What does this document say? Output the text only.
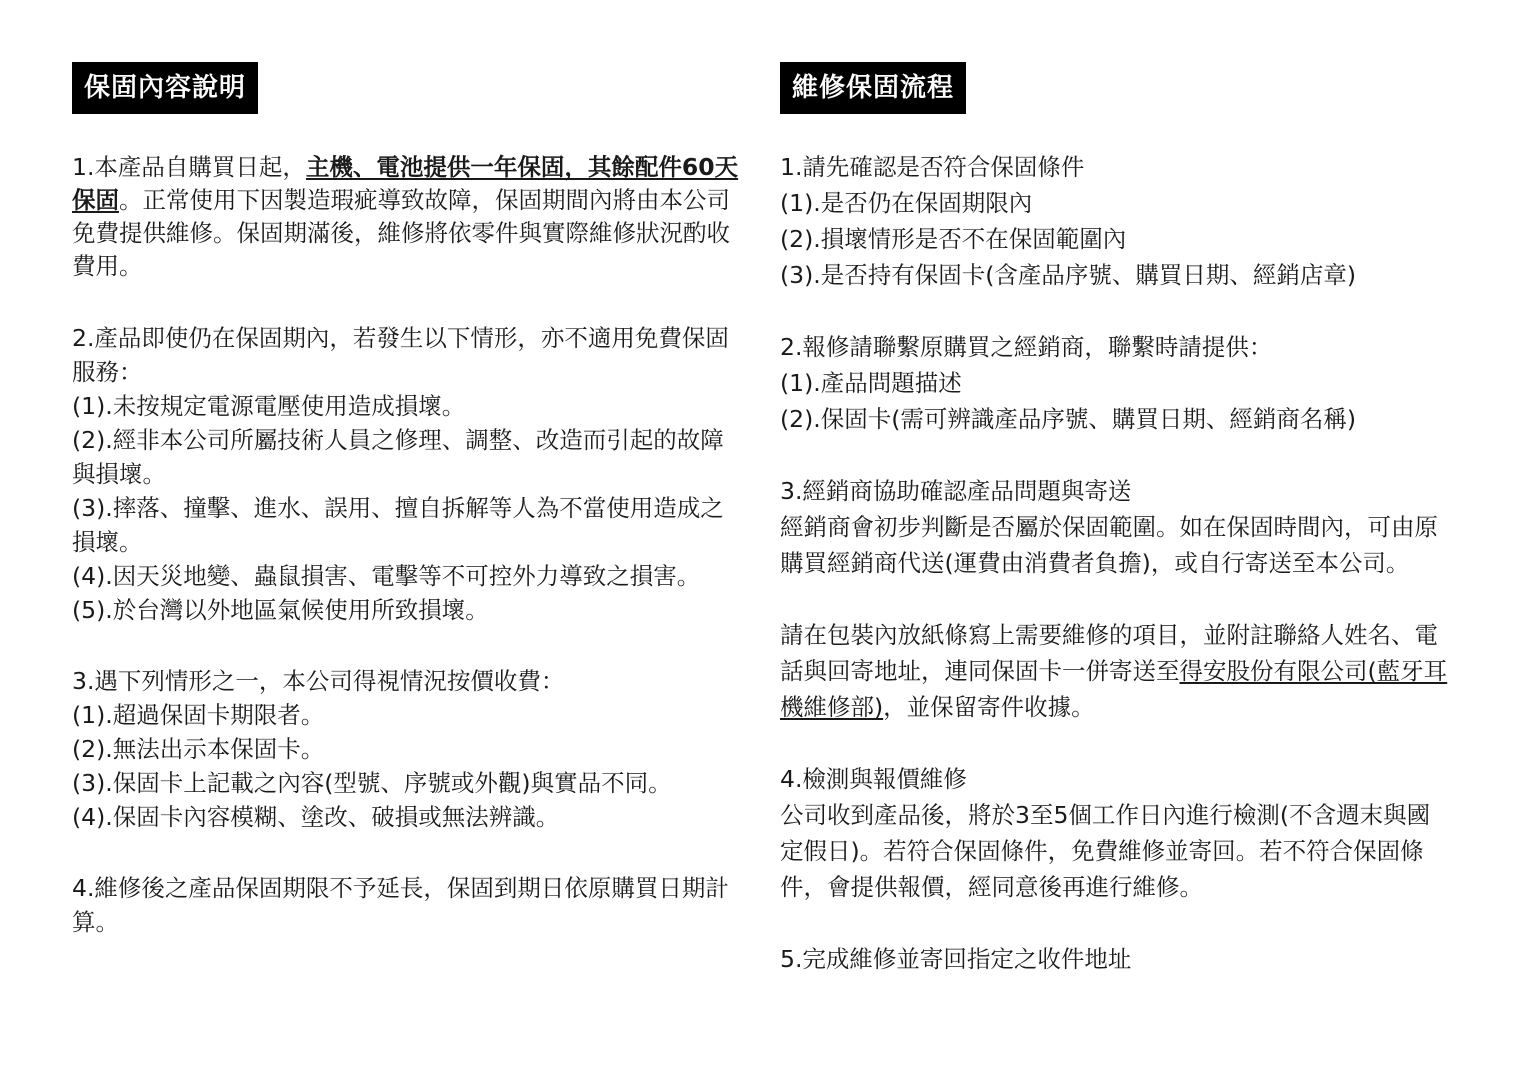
保固內容說明

1.本產品自購買日起，主機、電池提供一年保固，其餘配件60天保固。正常使用下因製造瑕疵導致故障，保固期間內將由本公司免費提供維修。保固期滿後，維修將依零件與實際維修狀況酌收費用。

2.產品即使仍在保固期內，若發生以下情形，亦不適用免費保固服務：

(1).未按規定電源電壓使用造成損壞。

(2).經非本公司所屬技術人員之修理、調整、改造而引起的故障與損壞。

(3).摔落、撞擊、進水、誤用、擅自拆解等人為不當使用造成之損壞。

(4).因天災地變、蟲鼠損害、電擊等不可控外力導致之損害。

(5).於台灣以外地區氣候使用所致損壞。

3.遇下列情形之一，本公司得視情況按價收費：

(1).超過保固卡期限者。

(2).無法出示本保固卡。

(3).保固卡上記載之內容(型號、序號或外觀)與實品不同。

(4).保固卡內容模糊、塗改、破損或無法辨識。

4.維修後之產品保固期限不予延長，保固到期日依原購買日期計算。

維修保固流程

1.請先確認是否符合保固條件

(1).是否仍在保固期限內

(2).損壞情形是否不在保固範圍內

(3).是否持有保固卡(含產品序號、購買日期、經銷店章)

2.報修請聯繫原購買之經銷商，聯繫時請提供：

(1).產品問題描述

(2).保固卡(需可辨識產品序號、購買日期、經銷商名稱)

3.經銷商協助確認產品問題與寄送

經銷商會初步判斷是否屬於保固範圍。如在保固時間內，可由原購買經銷商代送(運費由消費者負擔)，或自行寄送至本公司。

請在包裝內放紙條寫上需要維修的項目，並附註聯絡人姓名、電話與回寄地址，連同保固卡一併寄送至得安股份有限公司(藍牙耳機維修部)，並保留寄件收據。

4.檢測與報價維修

公司收到產品後，將於3至5個工作日內進行檢測(不含週末與國定假日)。若符合保固條件，免費維修並寄回。若不符合保固條件，會提供報價，經同意後再進行維修。

5.完成維修並寄回指定之收件地址
